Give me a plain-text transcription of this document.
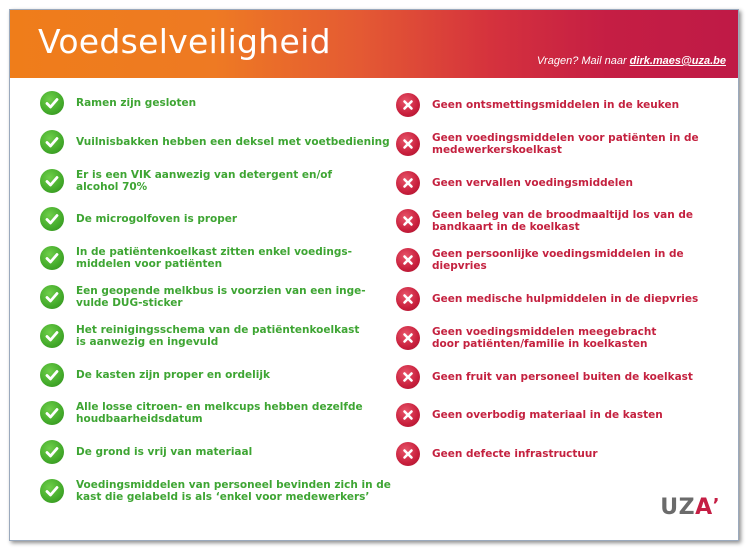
Voedselveiligheid	Vragen? Mail naar dirk.maes@uza.be
Ramen zijn gesloten
Vuilnisbakken hebben een deksel met voetbediening
Er is een VIK aanwezig van detergent en/of
alcohol 70%
De microgolfoven is proper
In de patiëntenkoelkast zitten enkel voedings-
middelen voor patiënten
Een geopende melkbus is voorzien van een inge-
vulde DUG-sticker
Het reinigingsschema van de patiëntenkoelkast
is aanwezig en ingevuld
De kasten zijn proper en ordelijk
Alle losse citroen- en melkcups hebben dezelfde
houdbaarheidsdatum
De grond is vrij van materiaal
Voedingsmiddelen van personeel bevinden zich in de
kast die gelabeld is als ‘enkel voor medewerkers’
Geen ontsmettingsmiddelen in de keuken
Geen voedingsmiddelen voor patiënten in de
medewerkerskoelkast
Geen vervallen voedingsmiddelen
Geen beleg van de broodmaaltijd los van de
bandkaart in de koelkast
Geen persoonlijke voedingsmiddelen in de
diepvries
Geen medische hulpmiddelen in de diepvries
Geen voedingsmiddelen meegebracht
door patiënten/familie in koelkasten
Geen fruit van personeel buiten de koelkast
Geen overbodig materiaal in de kasten
Geen defecte infrastructuur
UZA’
